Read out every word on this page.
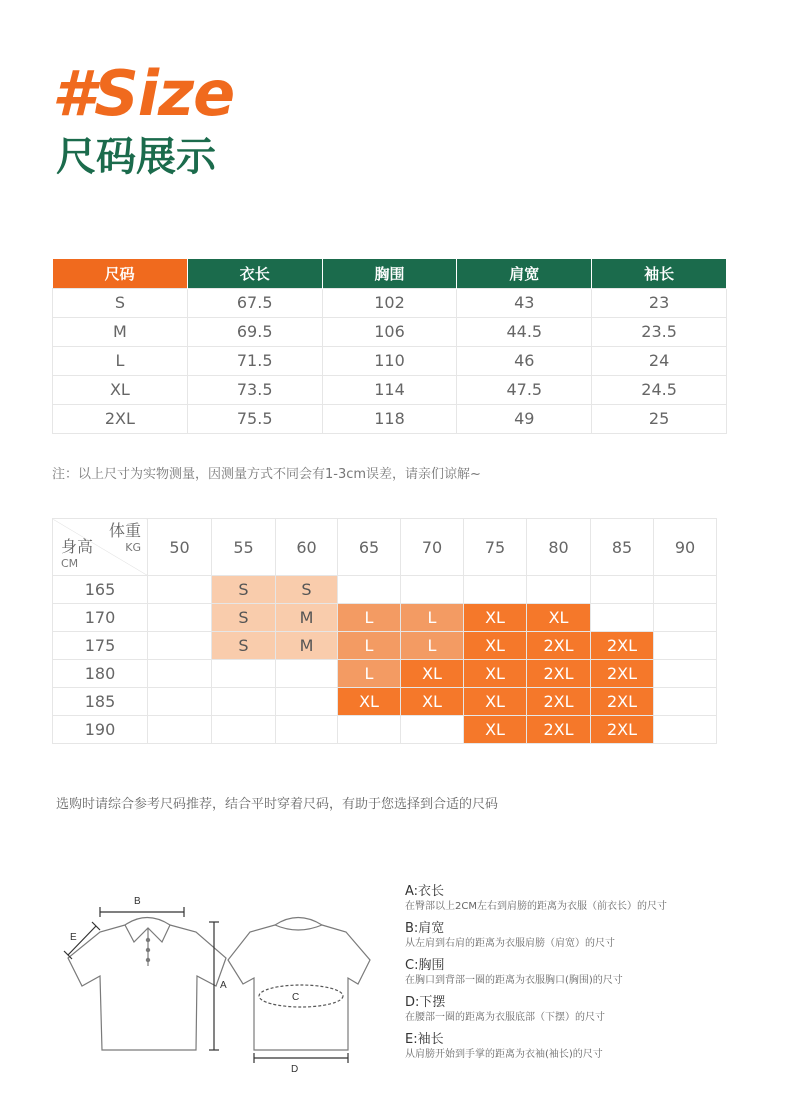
#Size
尺码展示
尺码	衣长	胸围	肩宽	袖长
S	67.5	102	43	23
M	69.5	106	44.5	23.5
L	71.5	110	46	24
XL	73.5	114	47.5	24.5
2XL	75.5	118	49	25
注：以上尺寸为实物测量，因测量方式不同会有1-3cm误差，请亲们谅解~
体重
KG
身高
CM	50	55	60	65	70	75	80	85	90
165		S	S						
170		S	M	L	L	XL	XL		
175		S	M	L	L	XL	2XL	2XL	
180				L	XL	XL	2XL	2XL	
185				XL	XL	XL	2XL	2XL	
190						XL	2XL	2XL	
选购时请综合参考尺码推荐，结合平时穿着尺码，有助于您选择到合适的尺码
B
A
E
C
D
A:衣长
在臀部以上2CM左右到肩膀的距离为衣服（前衣长）的尺寸
B:肩宽
从左肩到右肩的距离为衣服肩膀（肩宽）的尺寸
C:胸围
在胸口到背部一圈的距离为衣服胸口(胸围)的尺寸
D:下摆
在腰部一圈的距离为衣服底部（下摆）的尺寸
E:袖长
从肩膀开始到手掌的距离为衣袖(袖长)的尺寸
